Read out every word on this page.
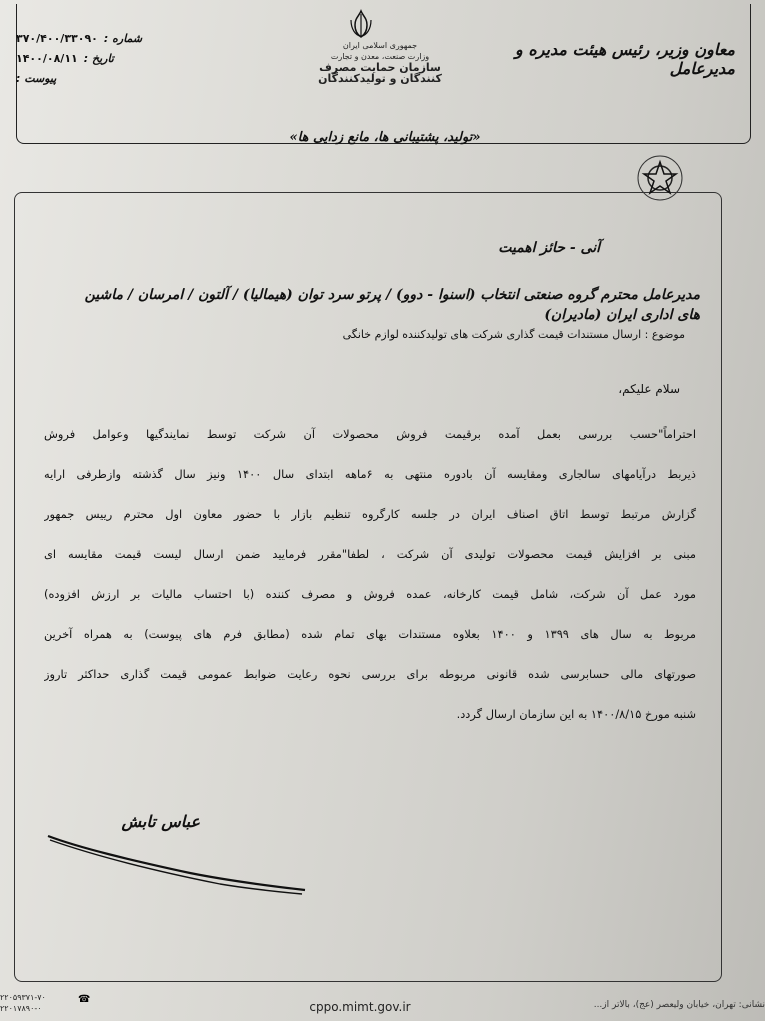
جمهوری اسلامی ایران
وزارت صنعت، معدن و تجارت
سازمان حمایت مصرف کنندگان و تولیدکنندگان
شماره :
۳۷۰/۴۰۰/۳۳۰۹۰
تاریخ :
۱۴۰۰/۰۸/۱۱
پیوست :
معاون وزیر، رئیس هیئت مدیره و مدیرعامل
«تولید، پشتیبانی ها، مانع زدایی ها»
آنی - حائز اهمیت
مدیرعامل محترم گروه صنعتی انتخاب (اسنوا - دوو) / پرتو سرد توان (هیمالیا) / آلتون / امرسان / ماشین های اداری ایران (مادیران)
موضوع : ارسال مستندات قیمت گذاری شرکت های تولیدکننده لوازم خانگی
سلام علیکم،
احتراماً"حسب بررسی بعمل آمده برقیمت فروش محصولات آن شرکت توسط نمایندگیها وعوامل فروش
ذیربط درآیامهای سالجاری ومقایسه آن بادوره منتهی به ۶ماهه ابتدای سال ۱۴۰۰ ونیز سال گذشته وازطرفی ارایه
گزارش مرتبط توسط اتاق اصناف ایران در جلسه کارگروه تنظیم بازار با حضور معاون اول محترم رییس جمهور
مبنی بر افزایش قیمت محصولات تولیدی آن شرکت ، لطفا"مقرر فرمایید ضمن ارسال لیست قیمت مقایسه ای
مورد عمل آن شرکت، شامل قیمت کارخانه، عمده فروش و مصرف کننده (با احتساب مالیات بر ارزش افزوده)
مربوط به سال های ۱۳۹۹ و ۱۴۰۰ بعلاوه مستندات بهای تمام شده (مطابق فرم های پیوست) به همراه آخرین
صورتهای مالی حسابرسی شده قانونی مربوطه برای بررسی نحوه رعایت ضوابط عمومی قیمت گذاری حداکثر تاروز
شنبه مورخ ۱۴۰۰/۸/۱۵ به این سازمان ارسال گردد.
عباس تابش
۲۲۰۵۹۳۷۱-۷۰
۲۲۰۱۷۸۹۰-۰
☎
cppo.mimt.gov.ir	نشانی: تهران، خیابان ولیعصر (عج)، بالاتر از...
